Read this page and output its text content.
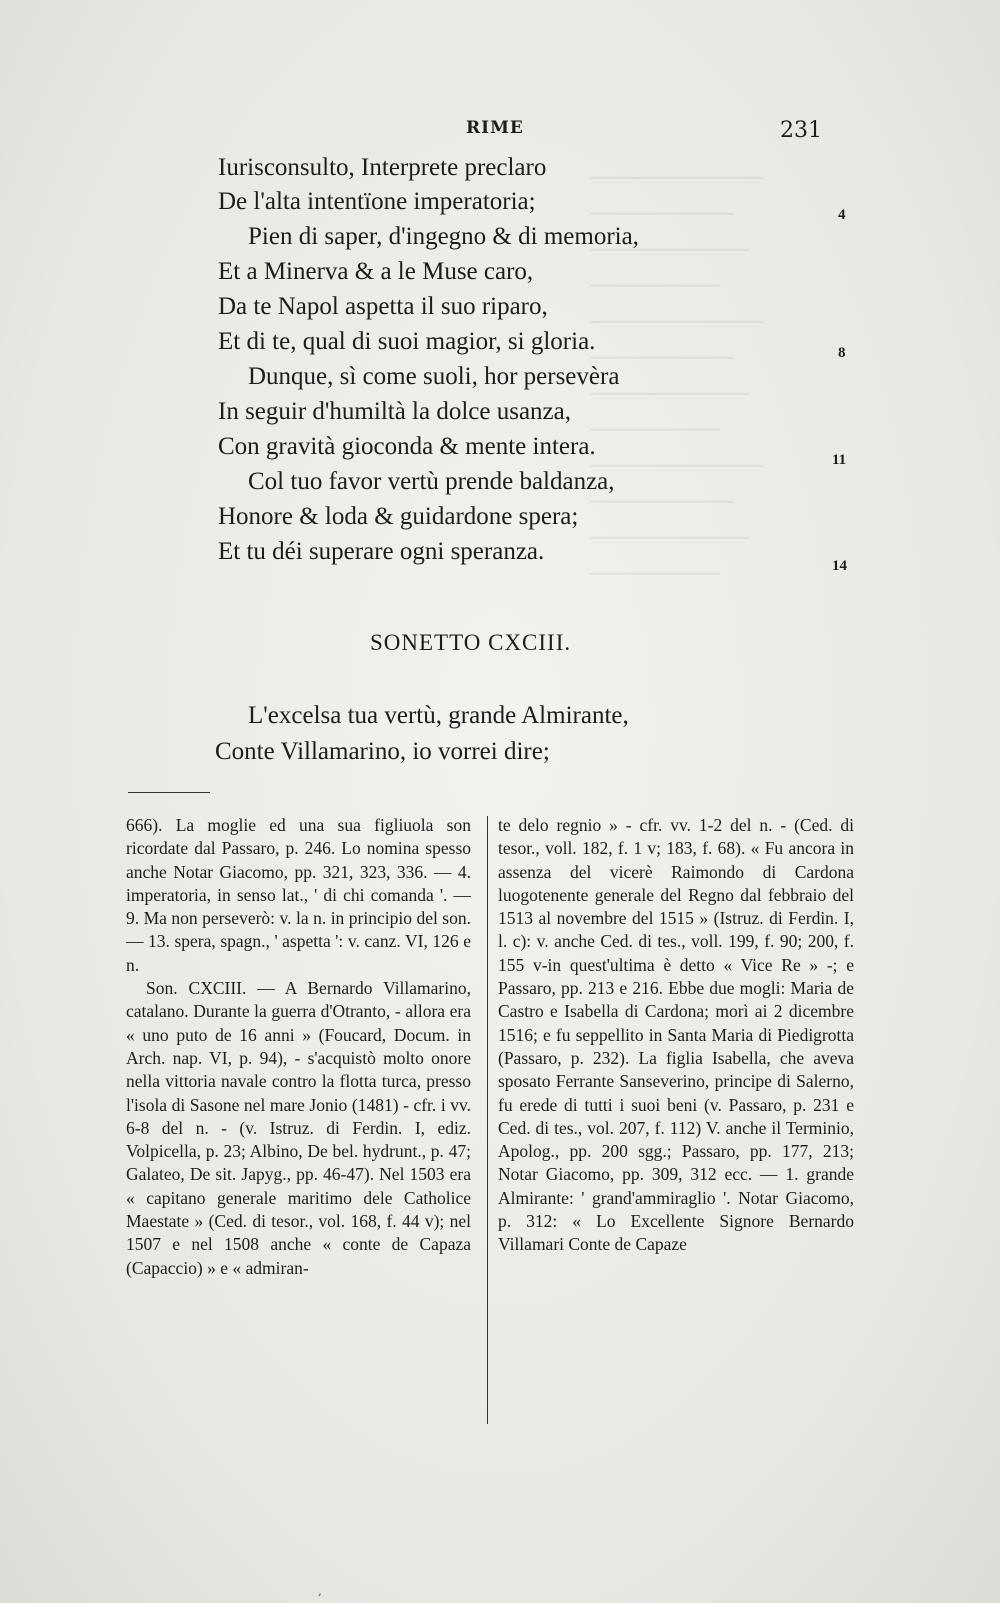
────────────
──────────
───────────
─────────
────────────
──────────
───────────
─────────
────────────
──────────
───────────
─────────
RIME	231
Iurisconsulto, Interprete preclaro
De l'alta intentïone imperatoria;
Pien di saper, d'ingegno & di memoria,
Et a Minerva & a le Muse caro,
Da te Napol aspetta il suo riparo,
Et di te, qual di suoi magior, si gloria.
Dunque, sì come suoli, hor persevèra
In seguir d'humiltà la dolce usanza,
Con gravità gioconda & mente intera.
Col tuo favor vertù prende baldanza,
Honore & loda & guidardone spera;
Et tu déi superare ogni speranza.
4
8
11
14
SONETTO CXCIII.
L'excelsa tua vertù, grande Almirante,
Conte Villamarino, io vorrei dire;

666). La moglie ed una sua figliuola son ricordate dal Passaro, p. 246. Lo nomina spesso anche Notar Giacomo, pp. 321, 323, 336. — 4. imperatoria, in senso lat., ' di chi comanda '. — 9. Ma non perseverò: v. la n. in principio del son. — 13. spera, spagn., ' aspetta ': v. canz. VI, 126 e n.

Son. CXCIII. — A Bernardo Villamarino, catalano. Durante la guerra d'Otranto, - allora era « uno puto de 16 anni » (Foucard, Docum. in Arch. nap. VI, p. 94), - s'acquistò molto onore nella vittoria navale contro la flotta turca, presso l'isola di Sasone nel mare Jonio (1481) - cfr. i vv. 6-8 del n. - (v. Istruz. di Ferdin. I, ediz. Volpicella, p. 23; Albino, De bel. hydrunt., p. 47; Galateo, De sit. Japyg., pp. 46-47). Nel 1503 era « capitano generale maritimo dele Catholice Maestate » (Ced. di tesor., vol. 168, f. 44 v); nel 1507 e nel 1508 anche « conte de Capaza (Capaccio) » e « admiran-

te delo regnio » - cfr. vv. 1-2 del n. - (Ced. di tesor., voll. 182, f. 1 v; 183, f. 68). « Fu ancora in assenza del vicerè Raimondo di Cardona luogotenente generale del Regno dal febbraio del 1513 al novembre del 1515 » (Istruz. di Ferdin. I, l. c): v. anche Ced. di tes., voll. 199, f. 90; 200, f. 155 v-in quest'ultima è detto « Vice Re » -; e Passaro, pp. 213 e 216. Ebbe due mogli: Maria de Castro e Isabella di Cardona; morì ai 2 dicembre 1516; e fu seppellito in Santa Maria di Piedigrotta (Passaro, p. 232). La figlia Isabella, che aveva sposato Ferrante Sanseverino, principe di Salerno, fu erede di tutti i suoi beni (v. Passaro, p. 231 e Ced. di tes., vol. 207, f. 112) V. anche il Terminio, Apolog., pp. 200 sgg.; Passaro, pp. 177, 213; Notar Giacomo, pp. 309, 312 ecc. — 1. grande Almirante: ' grand'ammiraglio '. Notar Giacomo, p. 312: « Lo Excellente Signore Bernardo Villamari Conte de Capaze

,
